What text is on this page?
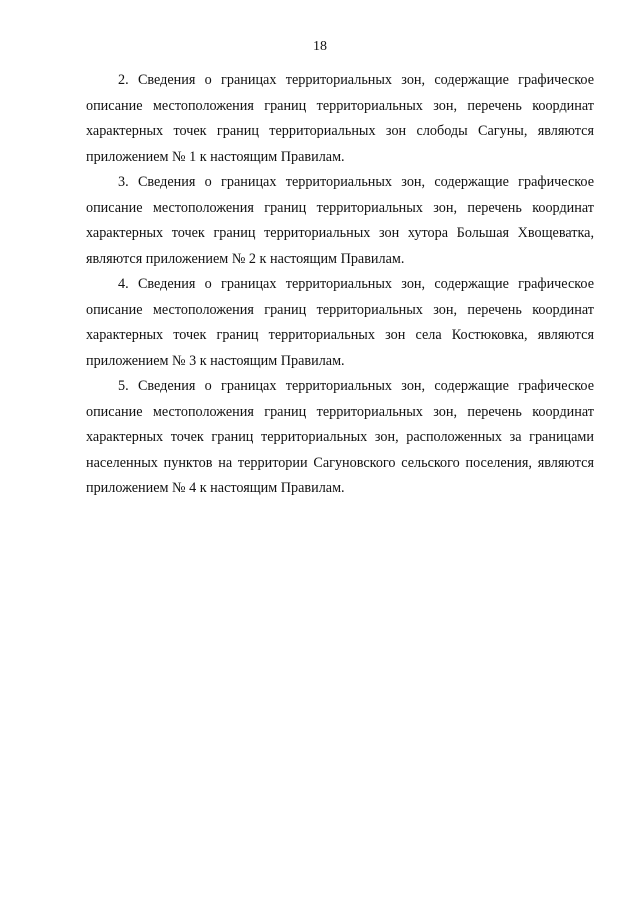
18

2. Сведения о границах территориальных зон, содержащие графическое описание местоположения границ территориальных зон, перечень координат характерных точек границ территориальных зон слободы Сагуны, являются приложением № 1 к настоящим Правилам.

3. Сведения о границах территориальных зон, содержащие графическое описание местоположения границ территориальных зон, перечень координат характерных точек границ территориальных зон хутора Большая Хвощеватка, являются приложением № 2 к настоящим Правилам.

4. Сведения о границах территориальных зон, содержащие графическое описание местоположения границ территориальных зон, перечень координат характерных точек границ территориальных зон села Костюковка, являются приложением № 3 к настоящим Правилам.

5. Сведения о границах территориальных зон, содержащие графическое описание местоположения границ территориальных зон, перечень координат характерных точек границ территориальных зон, расположенных за границами населенных пунктов на территории Сагуновского сельского поселения, являются приложением № 4 к настоящим Правилам.
